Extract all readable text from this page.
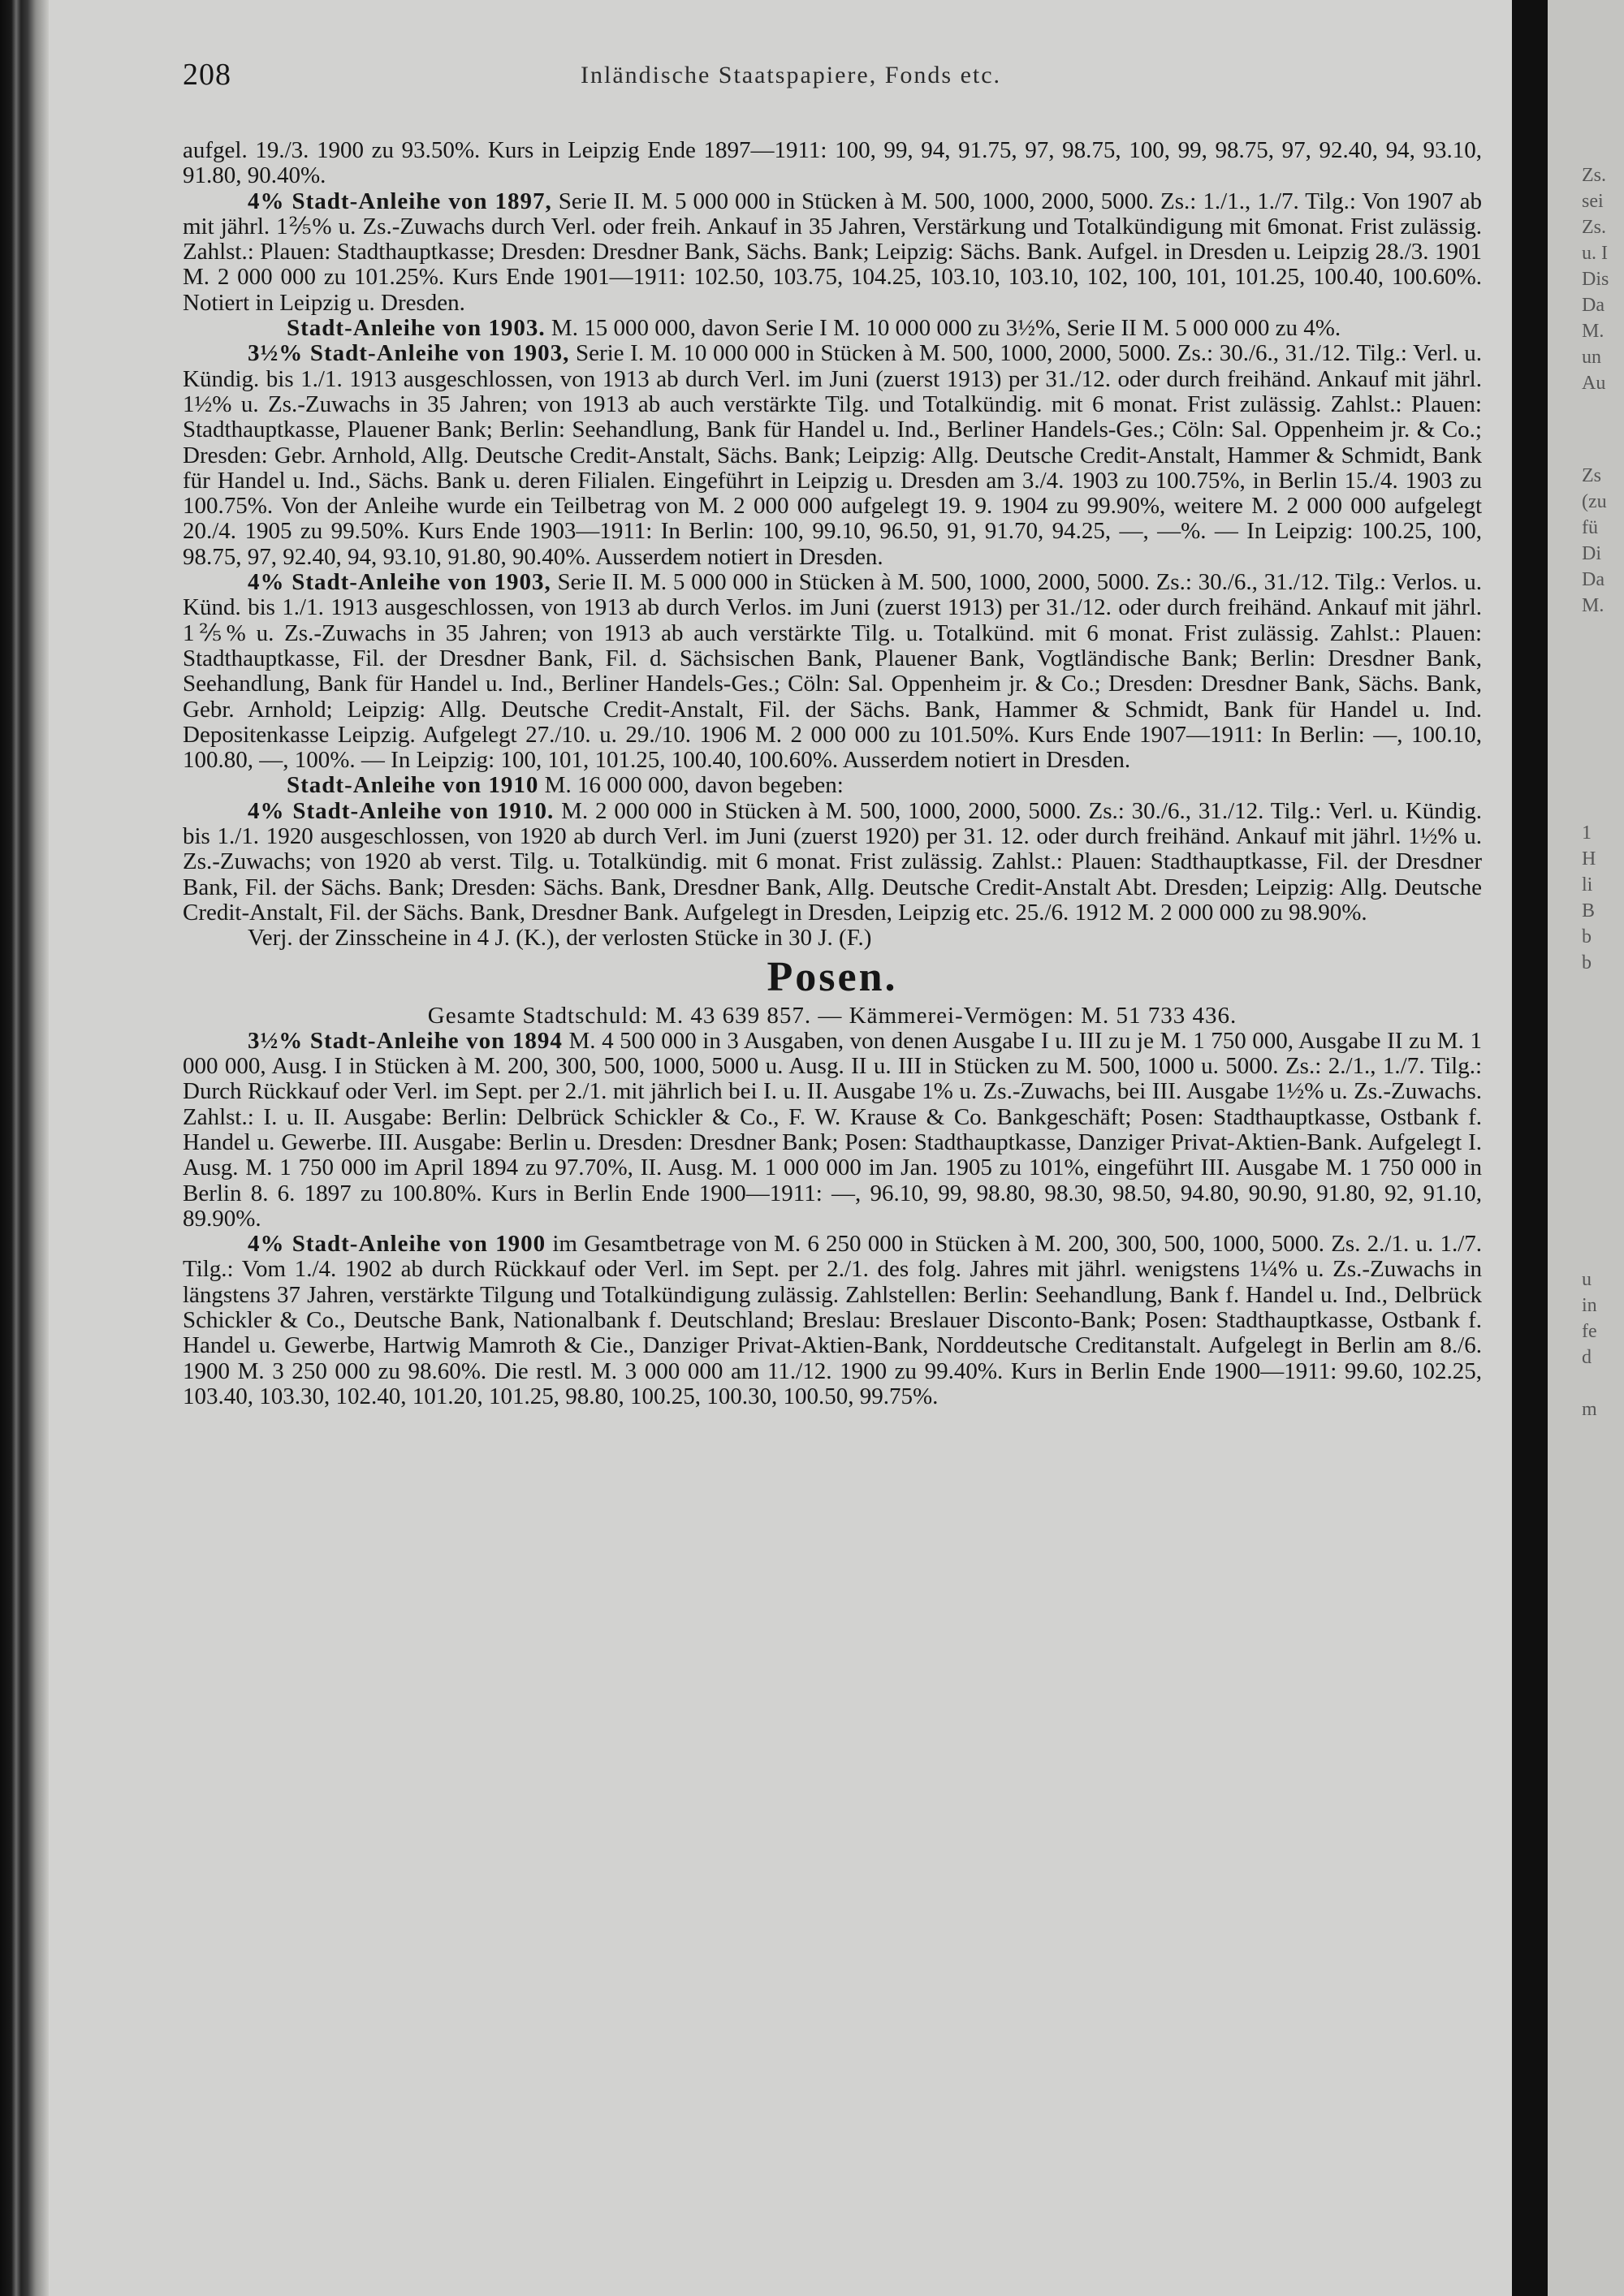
208	Inländische Staatspapiere, Fonds etc.

aufgel. 19./3. 1900 zu 93.50%. Kurs in Leipzig Ende 1897—1911: 100, 99, 94, 91.75, 97, 98.75, 100, 99, 98.75, 97, 92.40, 94, 93.10, 91.80, 90.40%.

4% Stadt-Anleihe von 1897, Serie II. M. 5 000 000 in Stücken à M. 500, 1000, 2000, 5000. Zs.: 1./1., 1./7. Tilg.: Von 1907 ab mit jährl. 1⅖% u. Zs.-Zuwachs durch Verl. oder freih. Ankauf in 35 Jahren, Verstärkung und Totalkündigung mit 6monat. Frist zulässig. Zahlst.: Plauen: Stadthauptkasse; Dresden: Dresdner Bank, Sächs. Bank; Leipzig: Sächs. Bank. Aufgel. in Dresden u. Leipzig 28./3. 1901 M. 2 000 000 zu 101.25%. Kurs Ende 1901—1911: 102.50, 103.75, 104.25, 103.10, 103.10, 102, 100, 101, 101.25, 100.40, 100.60%. Notiert in Leipzig u. Dresden.

Stadt-Anleihe von 1903. M. 15 000 000, davon Serie I M. 10 000 000 zu 3½%, Serie II M. 5 000 000 zu 4%.

3½% Stadt-Anleihe von 1903, Serie I. M. 10 000 000 in Stücken à M. 500, 1000, 2000, 5000. Zs.: 30./6., 31./12. Tilg.: Verl. u. Kündig. bis 1./1. 1913 ausgeschlossen, von 1913 ab durch Verl. im Juni (zuerst 1913) per 31./12. oder durch freihänd. Ankauf mit jährl. 1½% u. Zs.-Zuwachs in 35 Jahren; von 1913 ab auch verstärkte Tilg. und Totalkündig. mit 6 monat. Frist zulässig. Zahlst.: Plauen: Stadthauptkasse, Plauener Bank; Berlin: Seehandlung, Bank für Handel u. Ind., Berliner Handels-Ges.; Cöln: Sal. Oppenheim jr. & Co.; Dresden: Gebr. Arnhold, Allg. Deutsche Credit-Anstalt, Sächs. Bank; Leipzig: Allg. Deutsche Credit-Anstalt, Hammer & Schmidt, Bank für Handel u. Ind., Sächs. Bank u. deren Filialen. Eingeführt in Leipzig u. Dresden am 3./4. 1903 zu 100.75%, in Berlin 15./4. 1903 zu 100.75%. Von der Anleihe wurde ein Teilbetrag von M. 2 000 000 aufgelegt 19. 9. 1904 zu 99.90%, weitere M. 2 000 000 aufgelegt 20./4. 1905 zu 99.50%. Kurs Ende 1903—1911: In Berlin: 100, 99.10, 96.50, 91, 91.70, 94.25, —, —%. — In Leipzig: 100.25, 100, 98.75, 97, 92.40, 94, 93.10, 91.80, 90.40%. Ausserdem notiert in Dresden.

4% Stadt-Anleihe von 1903, Serie II. M. 5 000 000 in Stücken à M. 500, 1000, 2000, 5000. Zs.: 30./6., 31./12. Tilg.: Verlos. u. Künd. bis 1./1. 1913 ausgeschlossen, von 1913 ab durch Verlos. im Juni (zuerst 1913) per 31./12. oder durch freihänd. Ankauf mit jährl. 1⅖% u. Zs.-Zuwachs in 35 Jahren; von 1913 ab auch verstärkte Tilg. u. Totalkünd. mit 6 monat. Frist zulässig. Zahlst.: Plauen: Stadthauptkasse, Fil. der Dresdner Bank, Fil. d. Sächsischen Bank, Plauener Bank, Vogtländische Bank; Berlin: Dresdner Bank, Seehandlung, Bank für Handel u. Ind., Berliner Handels-Ges.; Cöln: Sal. Oppenheim jr. & Co.; Dresden: Dresdner Bank, Sächs. Bank, Gebr. Arnhold; Leipzig: Allg. Deutsche Credit-Anstalt, Fil. der Sächs. Bank, Hammer & Schmidt, Bank für Handel u. Ind. Depositenkasse Leipzig. Aufgelegt 27./10. u. 29./10. 1906 M. 2 000 000 zu 101.50%. Kurs Ende 1907—1911: In Berlin: —, 100.10, 100.80, —, 100%. — In Leipzig: 100, 101, 101.25, 100.40, 100.60%. Ausserdem notiert in Dresden.

Stadt-Anleihe von 1910 M. 16 000 000, davon begeben:

4% Stadt-Anleihe von 1910. M. 2 000 000 in Stücken à M. 500, 1000, 2000, 5000. Zs.: 30./6., 31./12. Tilg.: Verl. u. Kündig. bis 1./1. 1920 ausgeschlossen, von 1920 ab durch Verl. im Juni (zuerst 1920) per 31. 12. oder durch freihänd. Ankauf mit jährl. 1½% u. Zs.-Zuwachs; von 1920 ab verst. Tilg. u. Totalkündig. mit 6 monat. Frist zulässig. Zahlst.: Plauen: Stadthauptkasse, Fil. der Dresdner Bank, Fil. der Sächs. Bank; Dresden: Sächs. Bank, Dresdner Bank, Allg. Deutsche Credit-Anstalt Abt. Dresden; Leipzig: Allg. Deutsche Credit-Anstalt, Fil. der Sächs. Bank, Dresdner Bank. Aufgelegt in Dresden, Leipzig etc. 25./6. 1912 M. 2 000 000 zu 98.90%.

Verj. der Zinsscheine in 4 J. (K.), der verlosten Stücke in 30 J. (F.)

Posen.

Gesamte Stadtschuld: M. 43 639 857. — Kämmerei-Vermögen: M. 51 733 436.

3½% Stadt-Anleihe von 1894 M. 4 500 000 in 3 Ausgaben, von denen Ausgabe I u. III zu je M. 1 750 000, Ausgabe II zu M. 1 000 000, Ausg. I in Stücken à M. 200, 300, 500, 1000, 5000 u. Ausg. II u. III in Stücken zu M. 500, 1000 u. 5000. Zs.: 2./1., 1./7. Tilg.: Durch Rückkauf oder Verl. im Sept. per 2./1. mit jährlich bei I. u. II. Ausgabe 1% u. Zs.-Zuwachs, bei III. Ausgabe 1½% u. Zs.-Zuwachs. Zahlst.: I. u. II. Ausgabe: Berlin: Delbrück Schickler & Co., F. W. Krause & Co. Bankgeschäft; Posen: Stadthauptkasse, Ostbank f. Handel u. Gewerbe. III. Ausgabe: Berlin u. Dresden: Dresdner Bank; Posen: Stadthauptkasse, Danziger Privat-Aktien-Bank. Aufgelegt I. Ausg. M. 1 750 000 im April 1894 zu 97.70%, II. Ausg. M. 1 000 000 im Jan. 1905 zu 101%, eingeführt III. Ausgabe M. 1 750 000 in Berlin 8. 6. 1897 zu 100.80%. Kurs in Berlin Ende 1900—1911: —, 96.10, 99, 98.80, 98.30, 98.50, 94.80, 90.90, 91.80, 92, 91.10, 89.90%.

4% Stadt-Anleihe von 1900 im Gesamtbetrage von M. 6 250 000 in Stücken à M. 200, 300, 500, 1000, 5000. Zs. 2./1. u. 1./7. Tilg.: Vom 1./4. 1902 ab durch Rückkauf oder Verl. im Sept. per 2./1. des folg. Jahres mit jährl. wenigstens 1¼% u. Zs.-Zuwachs in längstens 37 Jahren, verstärkte Tilgung und Totalkündigung zulässig. Zahlstellen: Berlin: Seehandlung, Bank f. Handel u. Ind., Delbrück Schickler & Co., Deutsche Bank, Nationalbank f. Deutschland; Breslau: Breslauer Disconto-Bank; Posen: Stadthauptkasse, Ostbank f. Handel u. Gewerbe, Hartwig Mamroth & Cie., Danziger Privat-Aktien-Bank, Norddeutsche Creditanstalt. Aufgelegt in Berlin am 8./6. 1900 M. 3 250 000 zu 98.60%. Die restl. M. 3 000 000 am 11./12. 1900 zu 99.40%. Kurs in Berlin Ende 1900—1911: 99.60, 102.25, 103.40, 103.30, 102.40, 101.20, 101.25, 98.80, 100.25, 100.30, 100.50, 99.75%.

Zs.
sei
Zs.
u. I
Dis
Da
M.
un
Au
Zs
(zu
fü
Di
Da
M.
1
H
li
B
b
b
u
in
fe
d

m
